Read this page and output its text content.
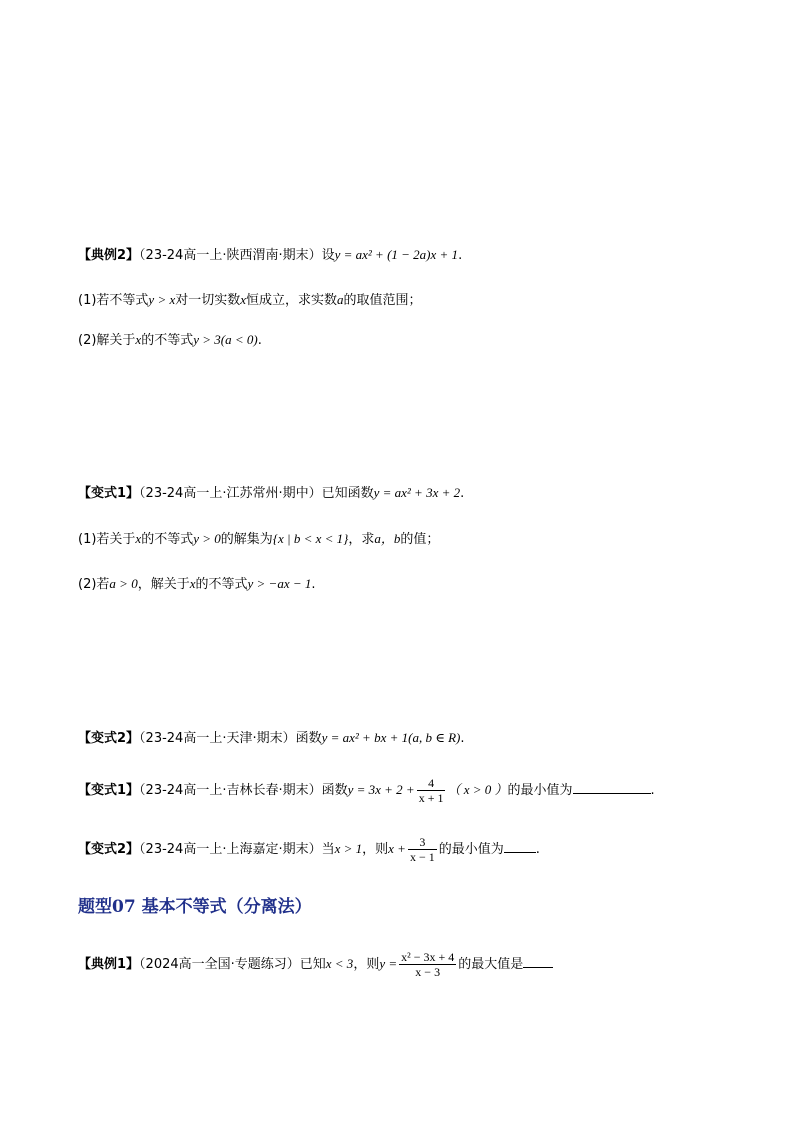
【典例2】（23-24高一上·陕西渭南·期末）设y = ax² + (1 − 2a)x + 1.
(1)若不等式y > x对一切实数x恒成立，求实数a的取值范围；
(2)解关于x的不等式y > 3(a < 0).
【变式1】（23-24高一上·江苏常州·期中）已知函数y = ax² + 3x + 2.
(1)若关于x的不等式y > 0的解集为{x | b < x < 1}，求a，b的值；
(2)若a > 0，解关于x的不等式y > −ax − 1.
【变式2】（23-24高一上·天津·期末）函数y = ax² + bx + 1(a, b ∈ R).
【变式1】（23-24高一上·吉林长春·期末）函数$y = 3x + 2 + \frac{4}{x + 1}$ （ x > 0 ）的最小值为	.
【变式2】（23-24高一上·上海嘉定·期末）当x > 1，则$x + \frac{3}{x - 1}$ 的最小值为 .
题型07 基本不等式（分离法）
【典例1】（2024高一全国·专题练习）已知x < 3，则$y = \frac{\text{x² − 3x + 4}}{x - 3}$ 的最大值是
